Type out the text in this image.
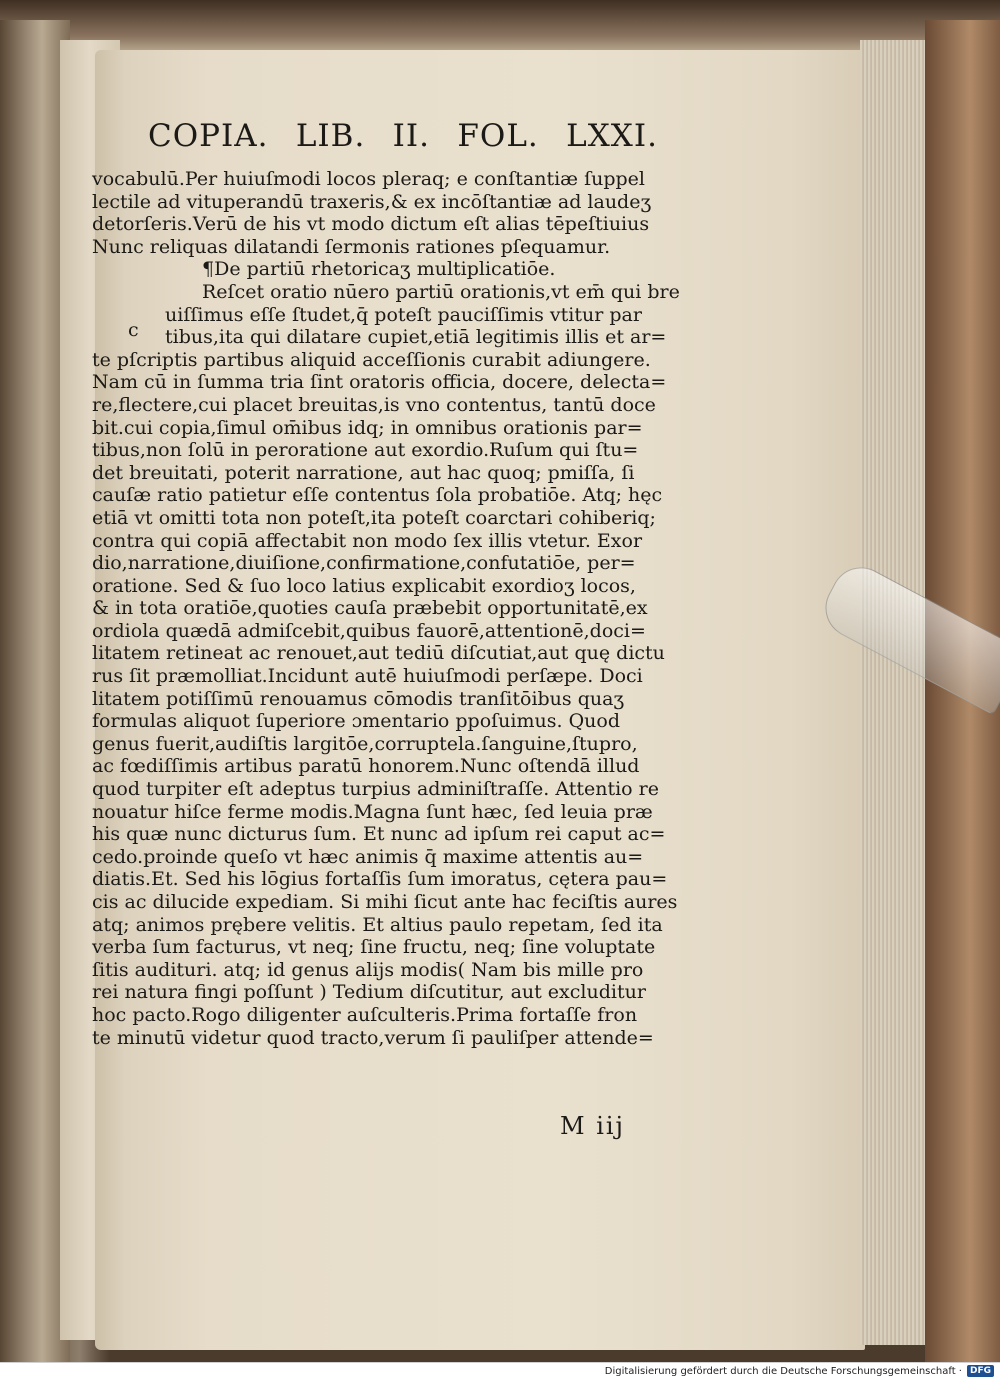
COPIA. LIB. II. FOL. LXXI.
c
vocabulū.Per huiuſmodi locos pleraq; e conſtantiæ ſuppel
lectile ad vituperandū traxeris,& ex incōſtantiæ ad laudeʒ
detorſeris.Verū de his vt modo dictum eſt alias tēpeſtiuius
Nunc reliquas dilatandi ſermonis rationes pſequamur.
¶De partiū rhetoricaʒ multiplicatiōe.
Reſcet oratio nūero partiū orationis,vt em̄ qui bre
uiſſimus eſſe ſtudet,q̄ poteſt pauciſſimis vtitur par
tibus,ita qui dilatare cupiet,etiā legitimis illis et ar=
te pſcriptis partibus aliquid acceſſionis curabit adiungere.
Nam cū in ſumma tria ſint oratoris officia, docere, delecta=
re,flectere,cui placet breuitas,is vno contentus, tantū doce
bit.cui copia,ſimul om̄ibus idq; in omnibus orationis par=
tibus,non ſolū in peroratione aut exordio.Ruſum qui ſtu=
det breuitati, poterit narratione, aut hac quoq; pmiſſa, ſi
cauſæ ratio patietur eſſe contentus ſola probatiōe. Atq; hęc
etiā vt omitti tota non poteſt,ita poteſt coarctari cohiberiq;
contra qui copiā affectabit non modo ſex illis vtetur. Exor
dio,narratione,diuiſione,confirmatione,confutatiōe, per=
oratione. Sed & ſuo loco latius explicabit exordioʒ locos,
& in tota oratiōe,quoties cauſa præbebit opportunitatē,ex
ordiola quædā admiſcebit,quibus fauorē,attentionē,doci=
litatem retineat ac renouet,aut tediū diſcutiat,aut quę dictu
rus ſit præmolliat.Incidunt autē huiuſmodi perſæpe. Doci
litatem potiſſimū renouamus cōmodis tranſitōibus quaʒ
formulas aliquot ſuperiore ɔmentario ppoſuimus. Quod
genus fuerit,audiſtis largitōe,corruptela.ſanguine,ſtupro,
ac fœdiſſimis artibus paratū honorem.Nunc oſtendā illud
quod turpiter eſt adeptus turpius adminiſtraſſe. Attentio re
nouatur hiſce ferme modis.Magna ſunt hæc, ſed leuia præ
his quæ nunc dicturus ſum. Et nunc ad ipſum rei caput ac=
cedo.proinde queſo vt hæc animis q̄ maxime attentis au=
diatis.Et. Sed his lōgius fortaſſis ſum imoratus, cętera pau=
cis ac dilucide expediam. Si mihi ſicut ante hac feciſtis aures
atq; animos prębere velitis. Et altius paulo repetam, ſed ita
verba ſum facturus, vt neq; ſine fructu, neq; ſine voluptate
ſitis audituri. atq; id genus alijs modis( Nam bis mille pro
rei natura fingi poſſunt ) Tedium diſcutitur, aut excluditur
hoc pacto.Rogo diligenter auſculteris.Prima fortaſſe fron
te minutū videtur quod tracto,verum ſi pauliſper attende=
M iij
Digitalisierung gefördert durch die Deutsche Forschungsgemeinschaft · DFG
